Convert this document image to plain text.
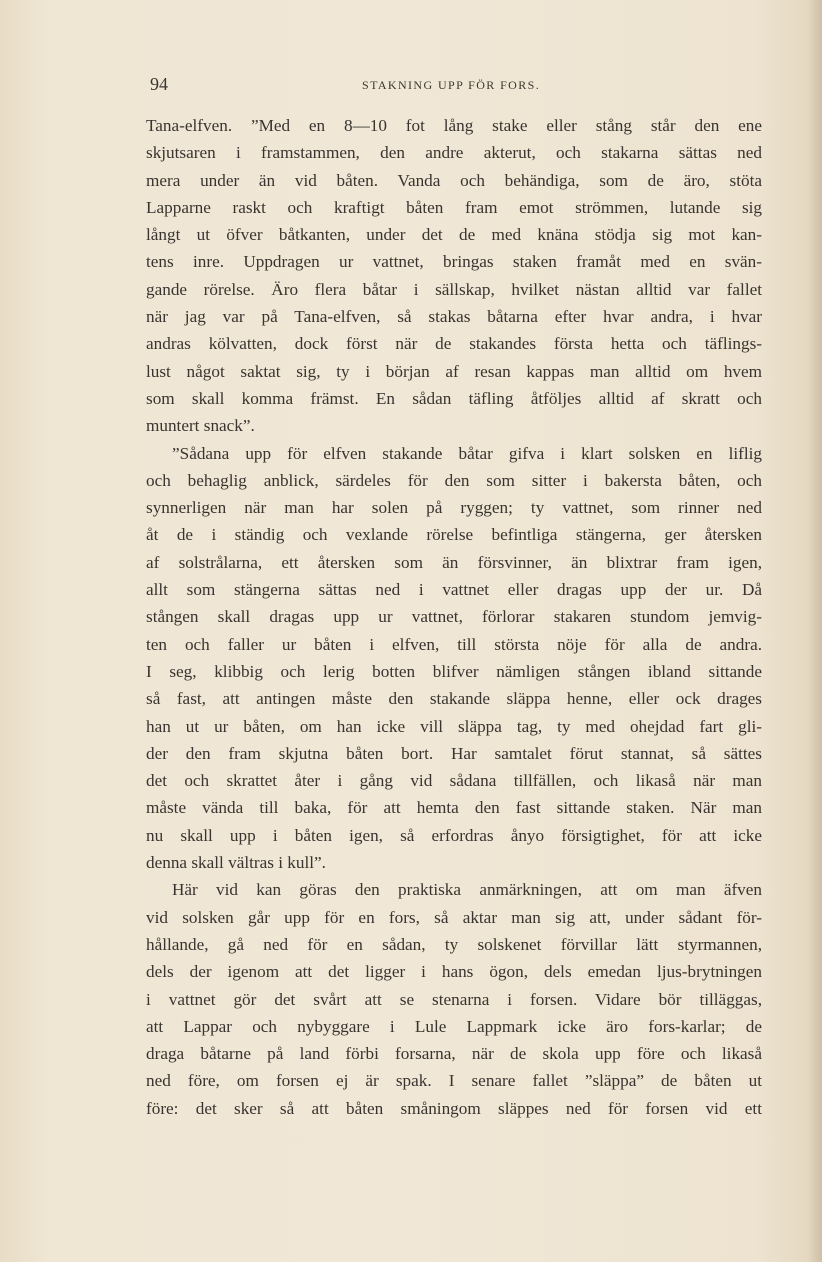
94	STAKNING UPP FÖR FORS.
Tana-elfven. ”Med en 8—10 fot lång stake eller stång står den ene
skjutsaren i framstammen, den andre akterut, och stakarna sättas ned
mera under än vid båten. Vanda och behändiga, som de äro, stöta
Lapparne raskt och kraftigt båten fram emot strömmen, lutande sig
långt ut öfver båtkanten, under det de med knäna stödja sig mot kan-
tens inre. Uppdragen ur vattnet, bringas staken framåt med en svän-
gande rörelse. Äro flera båtar i sällskap, hvilket nästan alltid var fallet
när jag var på Tana-elfven, så stakas båtarna efter hvar andra, i hvar
andras kölvatten, dock först när de stakandes första hetta och täflings-
lust något saktat sig, ty i början af resan kappas man alltid om hvem
som skall komma främst. En sådan täfling åtföljes alltid af skratt och
muntert snack”.
”Sådana upp för elfven stakande båtar gifva i klart solsken en liflig
och behaglig anblick, särdeles för den som sitter i bakersta båten, och
synnerligen när man har solen på ryggen; ty vattnet, som rinner ned
åt de i ständig och vexlande rörelse befintliga stängerna, ger återsken
af solstrålarna, ett återsken som än försvinner, än blixtrar fram igen,
allt som stängerna sättas ned i vattnet eller dragas upp der ur. Då
stången skall dragas upp ur vattnet, förlorar stakaren stundom jemvig-
ten och faller ur båten i elfven, till största nöje för alla de andra.
I seg, klibbig och lerig botten blifver nämligen stången ibland sittande
så fast, att antingen måste den stakande släppa henne, eller ock drages
han ut ur båten, om han icke vill släppa tag, ty med ohejdad fart gli-
der den fram skjutna båten bort. Har samtalet förut stannat, så sättes
det och skrattet åter i gång vid sådana tillfällen, och likaså när man
måste vända till baka, för att hemta den fast sittande staken. När man
nu skall upp i båten igen, så erfordras ånyo försigtighet, för att icke
denna skall vältras i kull”.
Här vid kan göras den praktiska anmärkningen, att om man äfven
vid solsken går upp för en fors, så aktar man sig att, under sådant för-
hållande, gå ned för en sådan, ty solskenet förvillar lätt styrmannen,
dels der igenom att det ligger i hans ögon, dels emedan ljus-brytningen
i vattnet gör det svårt att se stenarna i forsen. Vidare bör tilläggas,
att Lappar och nybyggare i Lule Lappmark icke äro fors-karlar; de
draga båtarne på land förbi forsarna, när de skola upp före och likaså
ned före, om forsen ej är spak. I senare fallet ”släppa” de båten ut
före: det sker så att båten småningom släppes ned för forsen vid ett
